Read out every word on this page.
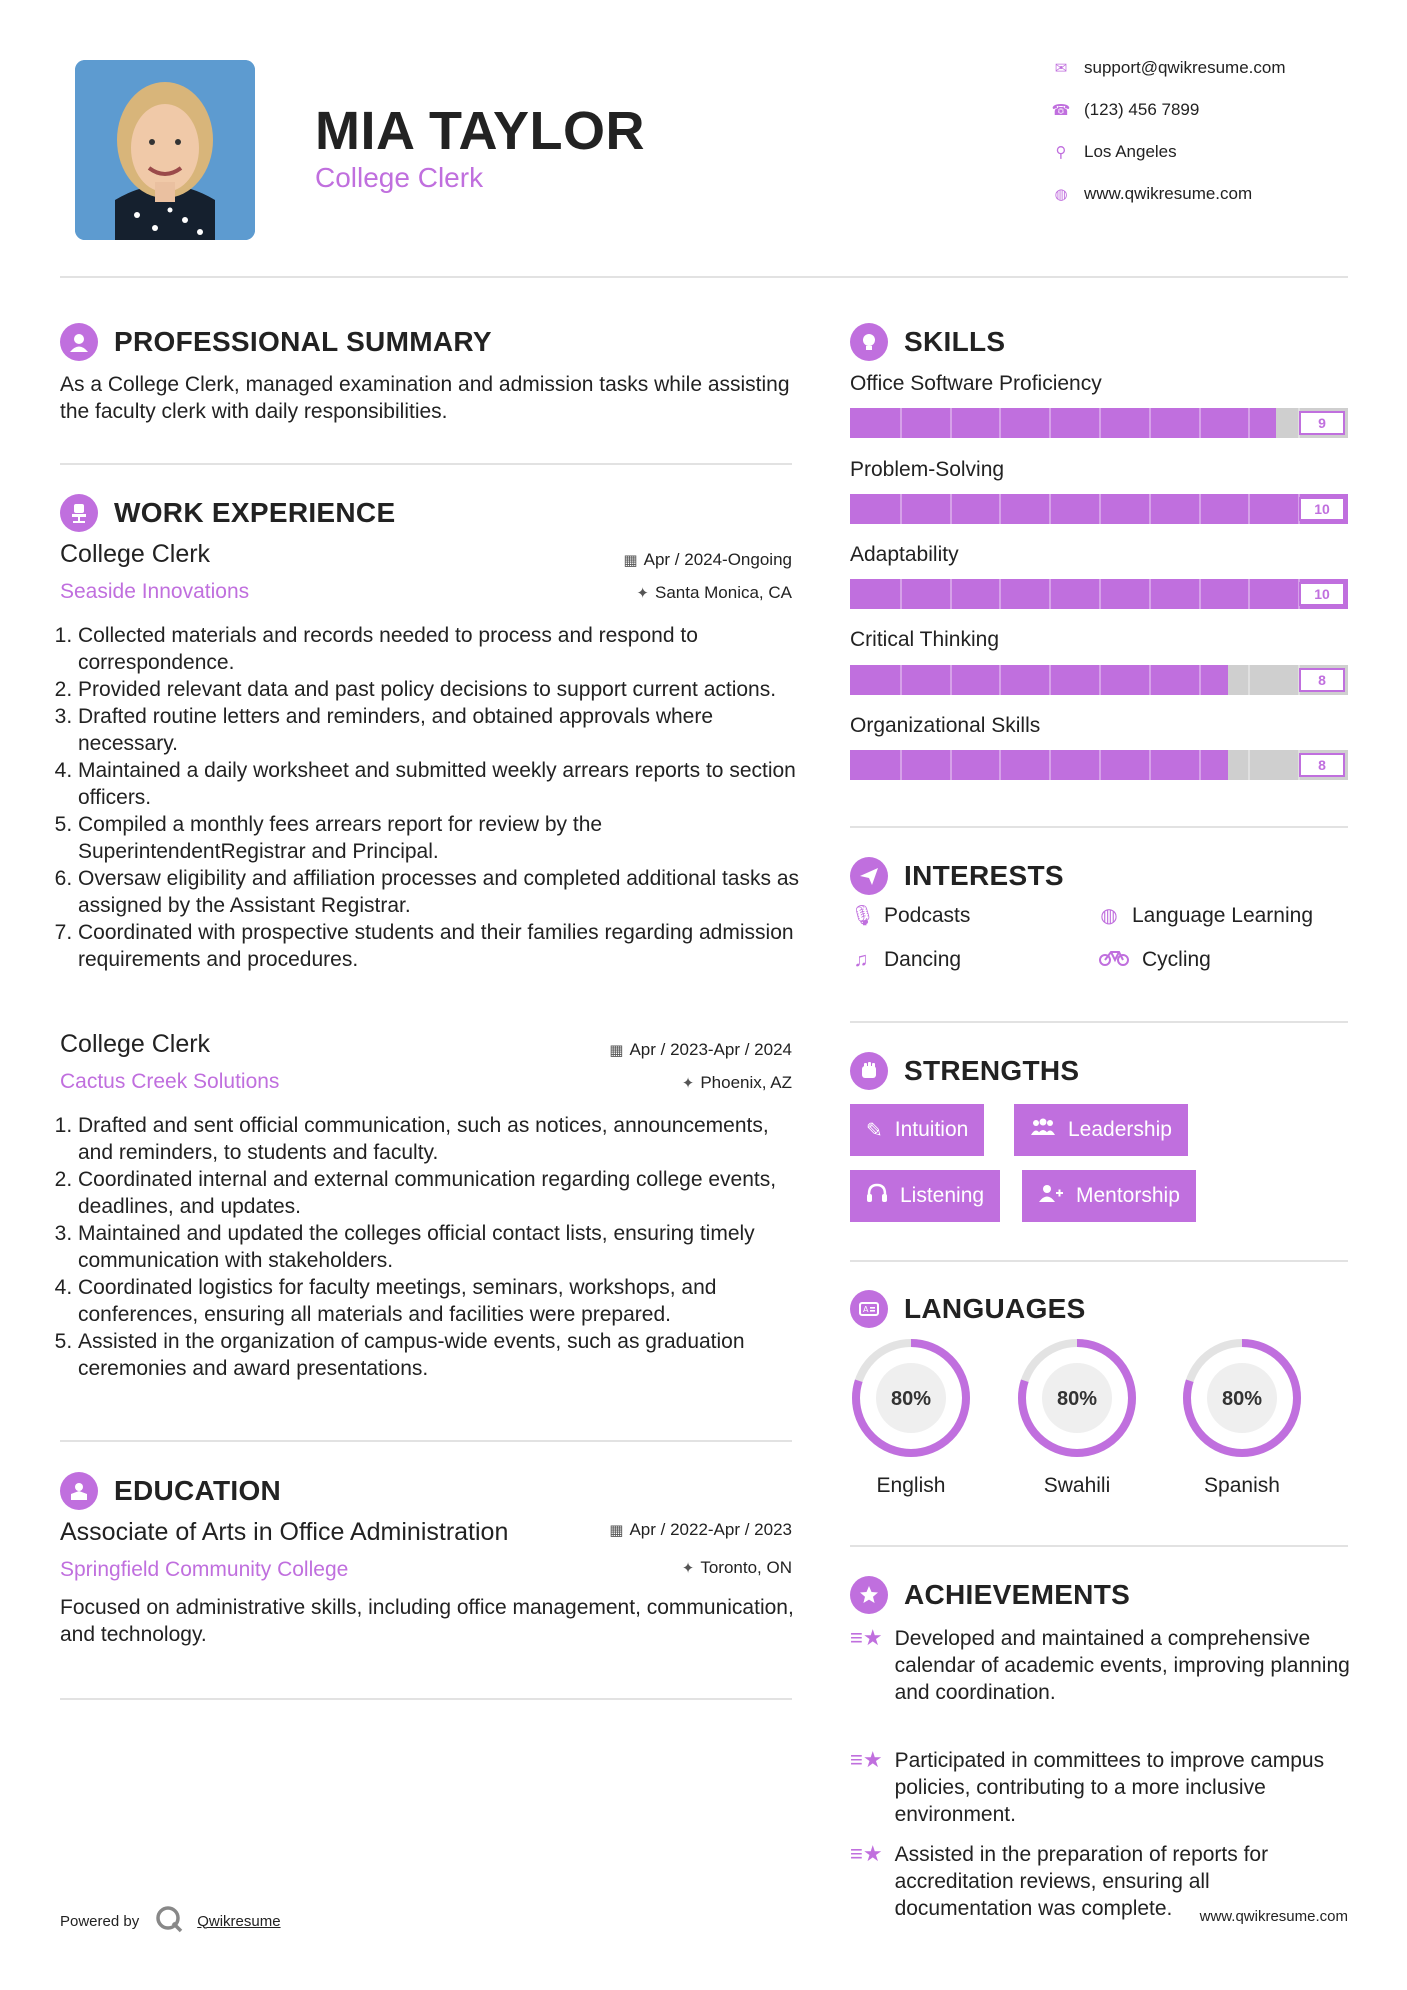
MIA TAYLOR
College Clerk
✉ support@qwikresume.com
☎ (123) 456 7899
⚲ Los Angeles
◍ www.qwikresume.com
PROFESSIONAL SUMMARY
As a College Clerk, managed examination and admission tasks while assisting the faculty clerk with daily responsibilities.
WORK EXPERIENCE
College Clerk
Seaside Innovations
▦ Apr / 2024-Ongoing
✦ Santa Monica, CA
1. Collected materials and records needed to process and respond to correspondence.
2. Provided relevant data and past policy decisions to support current actions.
3. Drafted routine letters and reminders, and obtained approvals where necessary.
4. Maintained a daily worksheet and submitted weekly arrears reports to section officers.
5. Compiled a monthly fees arrears report for review by the SuperintendentRegistrar and Principal.
6. Oversaw eligibility and affiliation processes and completed additional tasks as assigned by the Assistant Registrar.
7. Coordinated with prospective students and their families regarding admission requirements and procedures.
College Clerk
Cactus Creek Solutions
▦ Apr / 2023-Apr / 2024
✦ Phoenix, AZ
1. Drafted and sent official communication, such as notices, announcements, and reminders, to students and faculty.
2. Coordinated internal and external communication regarding college events, deadlines, and updates.
3. Maintained and updated the colleges official contact lists, ensuring timely communication with stakeholders.
4. Coordinated logistics for faculty meetings, seminars, workshops, and conferences, ensuring all materials and facilities were prepared.
5. Assisted in the organization of campus-wide events, such as graduation ceremonies and award presentations.
EDUCATION
Associate of Arts in Office Administration
Springfield Community College
▦ Apr / 2022-Apr / 2023
✦ Toronto, ON
Focused on administrative skills, including office management, communication, and technology.
SKILLS
Office Software Proficiency
9
Problem-Solving
10
Adaptability
10
Critical Thinking
8
Organizational Skills
8
INTERESTS
🎙︎ Podcasts	◍ Language Learning
♫ Dancing	Cycling
STRENGTHS
✎ Intuition	Leadership
Listening	Mentorship
A LANGUAGES
80%
English
80%
Swahili
80%
Spanish
ACHIEVEMENTS
≡★ Developed and maintained a comprehensive calendar of academic events, improving planning and coordination.
≡★ Participated in committees to improve campus policies, contributing to a more inclusive environment.
≡★ Assisted in the preparation of reports for accreditation reviews, ensuring all documentation was complete.
Powered by	Qwikresume	www.qwikresume.com
